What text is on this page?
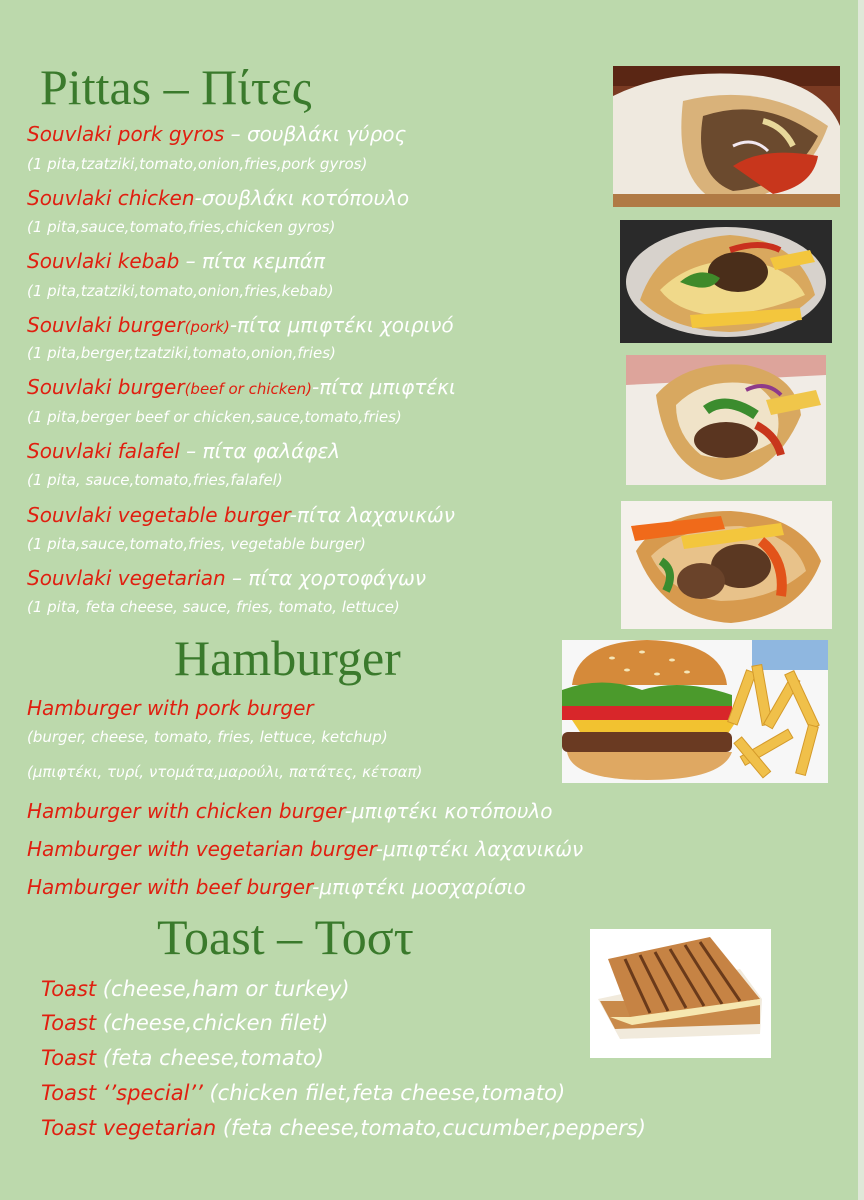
Pittas – Πίτες
Souvlaki pork gyros – σουβλάκι γύρος
(1 pita,tzatziki,tomato,onion,fries,pork gyros)
Souvlaki chicken-σουβλάκι κοτόπουλο
(1 pita,sauce,tomato,fries,chicken gyros)
Souvlaki kebab – πίτα κεμπάπ
(1 pita,tzatziki,tomato,onion,fries,kebab)
Souvlaki burger(pork)-πίτα μπιφτέκι χοιρινό
(1 pita,berger,tzatziki,tomato,onion,fries)
Souvlaki burger(beef or chicken)-πίτα μπιφτέκι
(1 pita,berger beef or chicken,sauce,tomato,fries)
Souvlaki falafel – πίτα φαλάφελ
(1 pita, sauce,tomato,fries,falafel)
Souvlaki vegetable burger-πίτα λαχανικών
(1 pita,sauce,tomato,fries, vegetable burger)
Souvlaki vegetarian – πίτα χορτοφάγων
(1 pita, feta cheese, sauce, fries, tomato, lettuce)
Hamburger
Hamburger with pork burger
(burger, cheese, tomato, fries, lettuce, ketchup)
(μπιφτέκι, τυρί, ντομάτα,μαρούλι, πατάτες, κέτσαπ)
Hamburger with chicken burger-μπιφτέκι κοτόπουλο
Hamburger with vegetarian burger-μπιφτέκι λαχανικών
Hamburger with beef burger-μπιφτέκι μοσχαρίσιο
Toast – Τοστ
Toast (cheese,ham or turkey)
Toast (cheese,chicken filet)
Toast (feta cheese,tomato)
Toast ‘’special’’ (chicken filet,feta cheese,tomato)
Toast vegetarian (feta cheese,tomato,cucumber,peppers)
